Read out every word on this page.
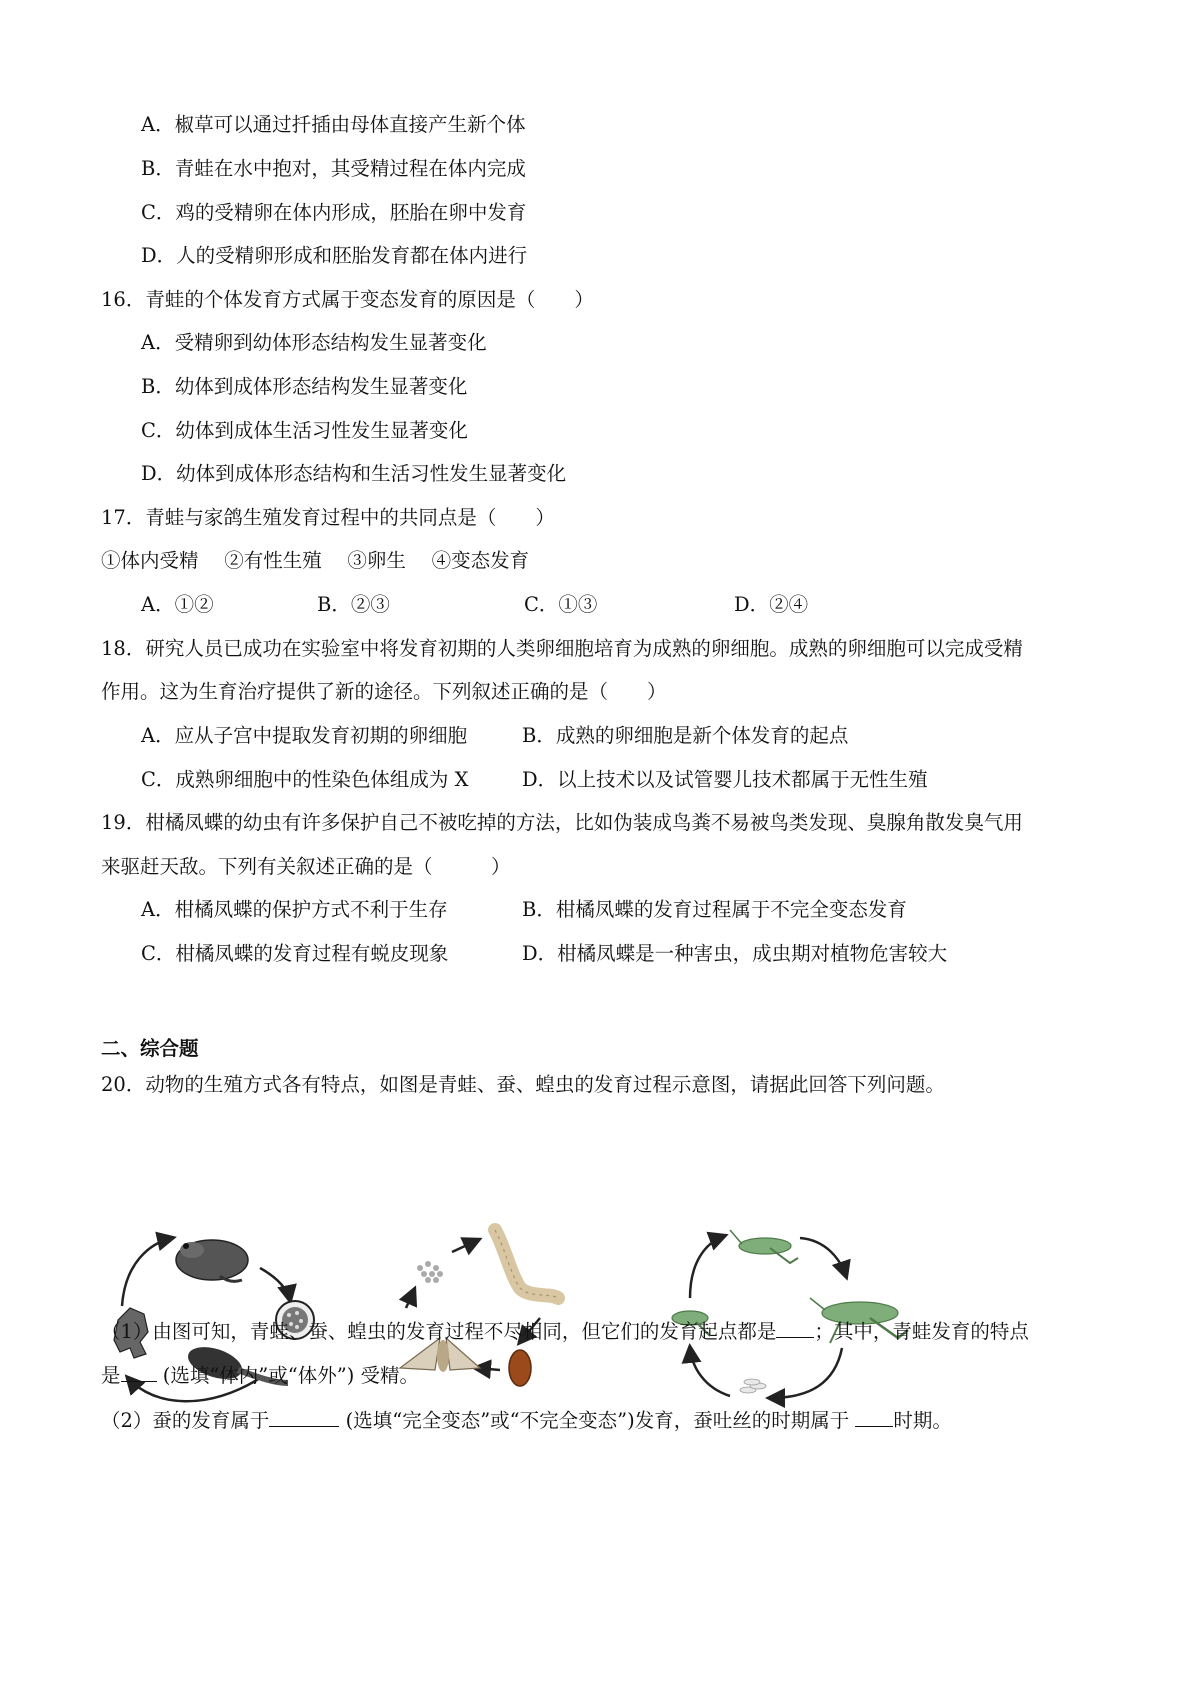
A．椒草可以通过扦插由母体直接产生新个体
B．青蛙在水中抱对，其受精过程在体内完成
C．鸡的受精卵在体内形成，胚胎在卵中发育
D．人的受精卵形成和胚胎发育都在体内进行
16．青蛙的个体发育方式属于变态发育的原因是（　　）
A．受精卵到幼体形态结构发生显著变化
B．幼体到成体形态结构发生显著变化
C．幼体到成体生活习性发生显著变化
D．幼体到成体形态结构和生活习性发生显著变化
17．青蛙与家鸽生殖发育过程中的共同点是（　　）
①体内受精　 ②有性生殖　 ③卵生　 ④变态发育
A．①②	B．②③	C．①③	D．②④
18．研究人员已成功在实验室中将发育初期的人类卵细胞培育为成熟的卵细胞。成熟的卵细胞可以完成受精
作用。这为生育治疗提供了新的途径。下列叙述正确的是（　　）
A．应从子宫中提取发育初期的卵细胞	B．成熟的卵细胞是新个体发育的起点
C．成熟卵细胞中的性染色体组成为 X	D．以上技术以及试管婴儿技术都属于无性生殖
19．柑橘凤蝶的幼虫有许多保护自己不被吃掉的方法，比如伪装成鸟粪不易被鸟类发现、臭腺角散发臭气用
来驱赶天敌。下列有关叙述正确的是（　　　）
A．柑橘凤蝶的保护方式不利于生存	B．柑橘凤蝶的发育过程属于不完全变态发育
C．柑橘凤蝶的发育过程有蜕皮现象	D．柑橘凤蝶是一种害虫，成虫期对植物危害较大
二、综合题
20．动物的生殖方式各有特点，如图是青蛙、蚕、蝗虫的发育过程示意图，请据此回答下列问题。
（1）由图可知，青蛙、蚕、蝗虫的发育过程不尽相同，但它们的发育起点都是 ；其中，青蛙发育的特点
是 (选填“体内”或“体外”) 受精。
（2）蚕的发育属于	(选填“完全变态”或“不完全变态”)发育，蚕吐丝的时期属于 时期。
